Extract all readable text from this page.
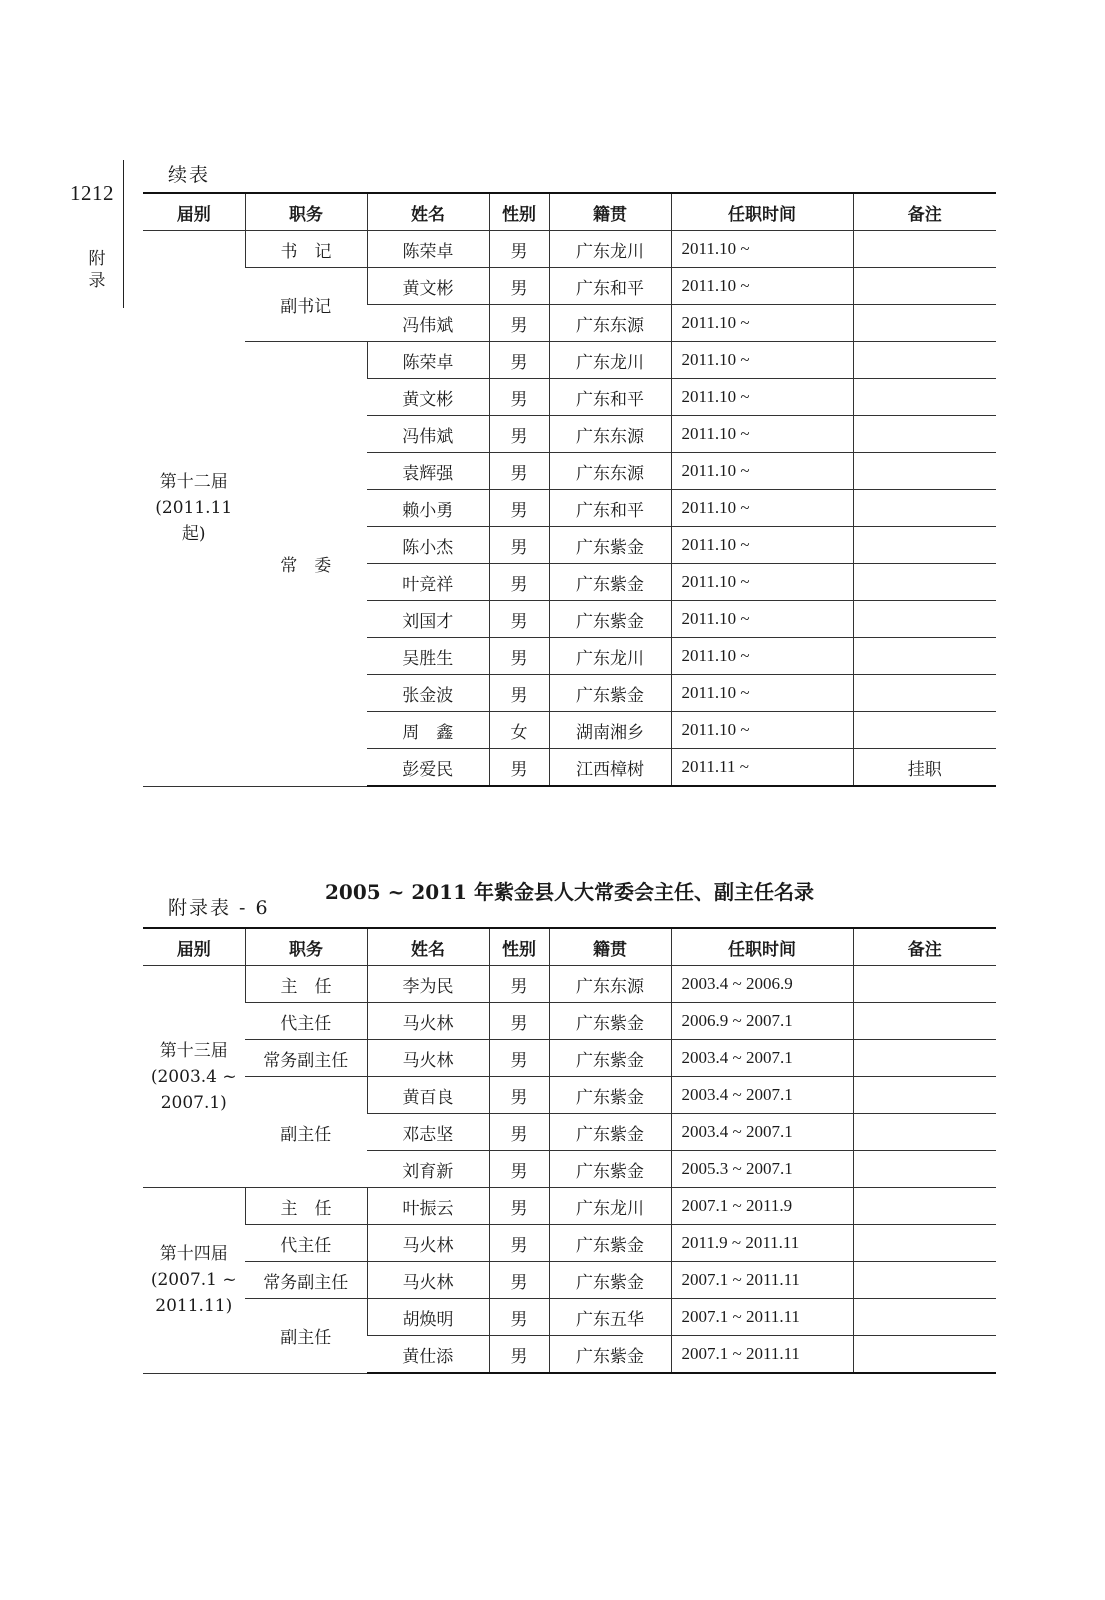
1212
附录
续表
届别	职务	姓名	性别	籍贯	任职时间	备注

第十二届
(2011.11 起)	书　记	陈荣卓	男	广东龙川	2011.10 ~	
	副书记	黄文彬	男	广东和平	2011.10 ~	
		冯伟斌	男	广东东源	2011.10 ~	
	常　委	陈荣卓	男	广东龙川	2011.10 ~	
		黄文彬	男	广东和平	2011.10 ~	
		冯伟斌	男	广东东源	2011.10 ~	
		袁辉强	男	广东东源	2011.10 ~	
		赖小勇	男	广东和平	2011.10 ~	
		陈小杰	男	广东紫金	2011.10 ~	
		叶竞祥	男	广东紫金	2011.10 ~	
		刘国才	男	广东紫金	2011.10 ~	
		吴胜生	男	广东龙川	2011.10 ~	
		张金波	男	广东紫金	2011.10 ~	
		周　鑫	女	湖南湘乡	2011.10 ~	
		彭爱民	男	江西樟树	2011.11 ~	挂职
2005 ~ 2011 年紫金县人大常委会主任、副主任名录
附录表 - 6
届别	职务	姓名	性别	籍贯	任职时间	备注

第十三届
(2003.4 ~ 2007.1)	主　任	李为民	男	广东东源	2003.4 ~ 2006.9	
	代主任	马火林	男	广东紫金	2006.9 ~ 2007.1	
	常务副主任	马火林	男	广东紫金	2003.4 ~ 2007.1	
	副主任	黄百良	男	广东紫金	2003.4 ~ 2007.1	
		邓志坚	男	广东紫金	2003.4 ~ 2007.1	
		刘育新	男	广东紫金	2005.3 ~ 2007.1	

第十四届
(2007.1 ~ 2011.11)	主　任	叶振云	男	广东龙川	2007.1 ~ 2011.9	
	代主任	马火林	男	广东紫金	2011.9 ~ 2011.11	
	常务副主任	马火林	男	广东紫金	2007.1 ~ 2011.11	
	副主任	胡焕明	男	广东五华	2007.1 ~ 2011.11	
		黄仕添	男	广东紫金	2007.1 ~ 2011.11	
